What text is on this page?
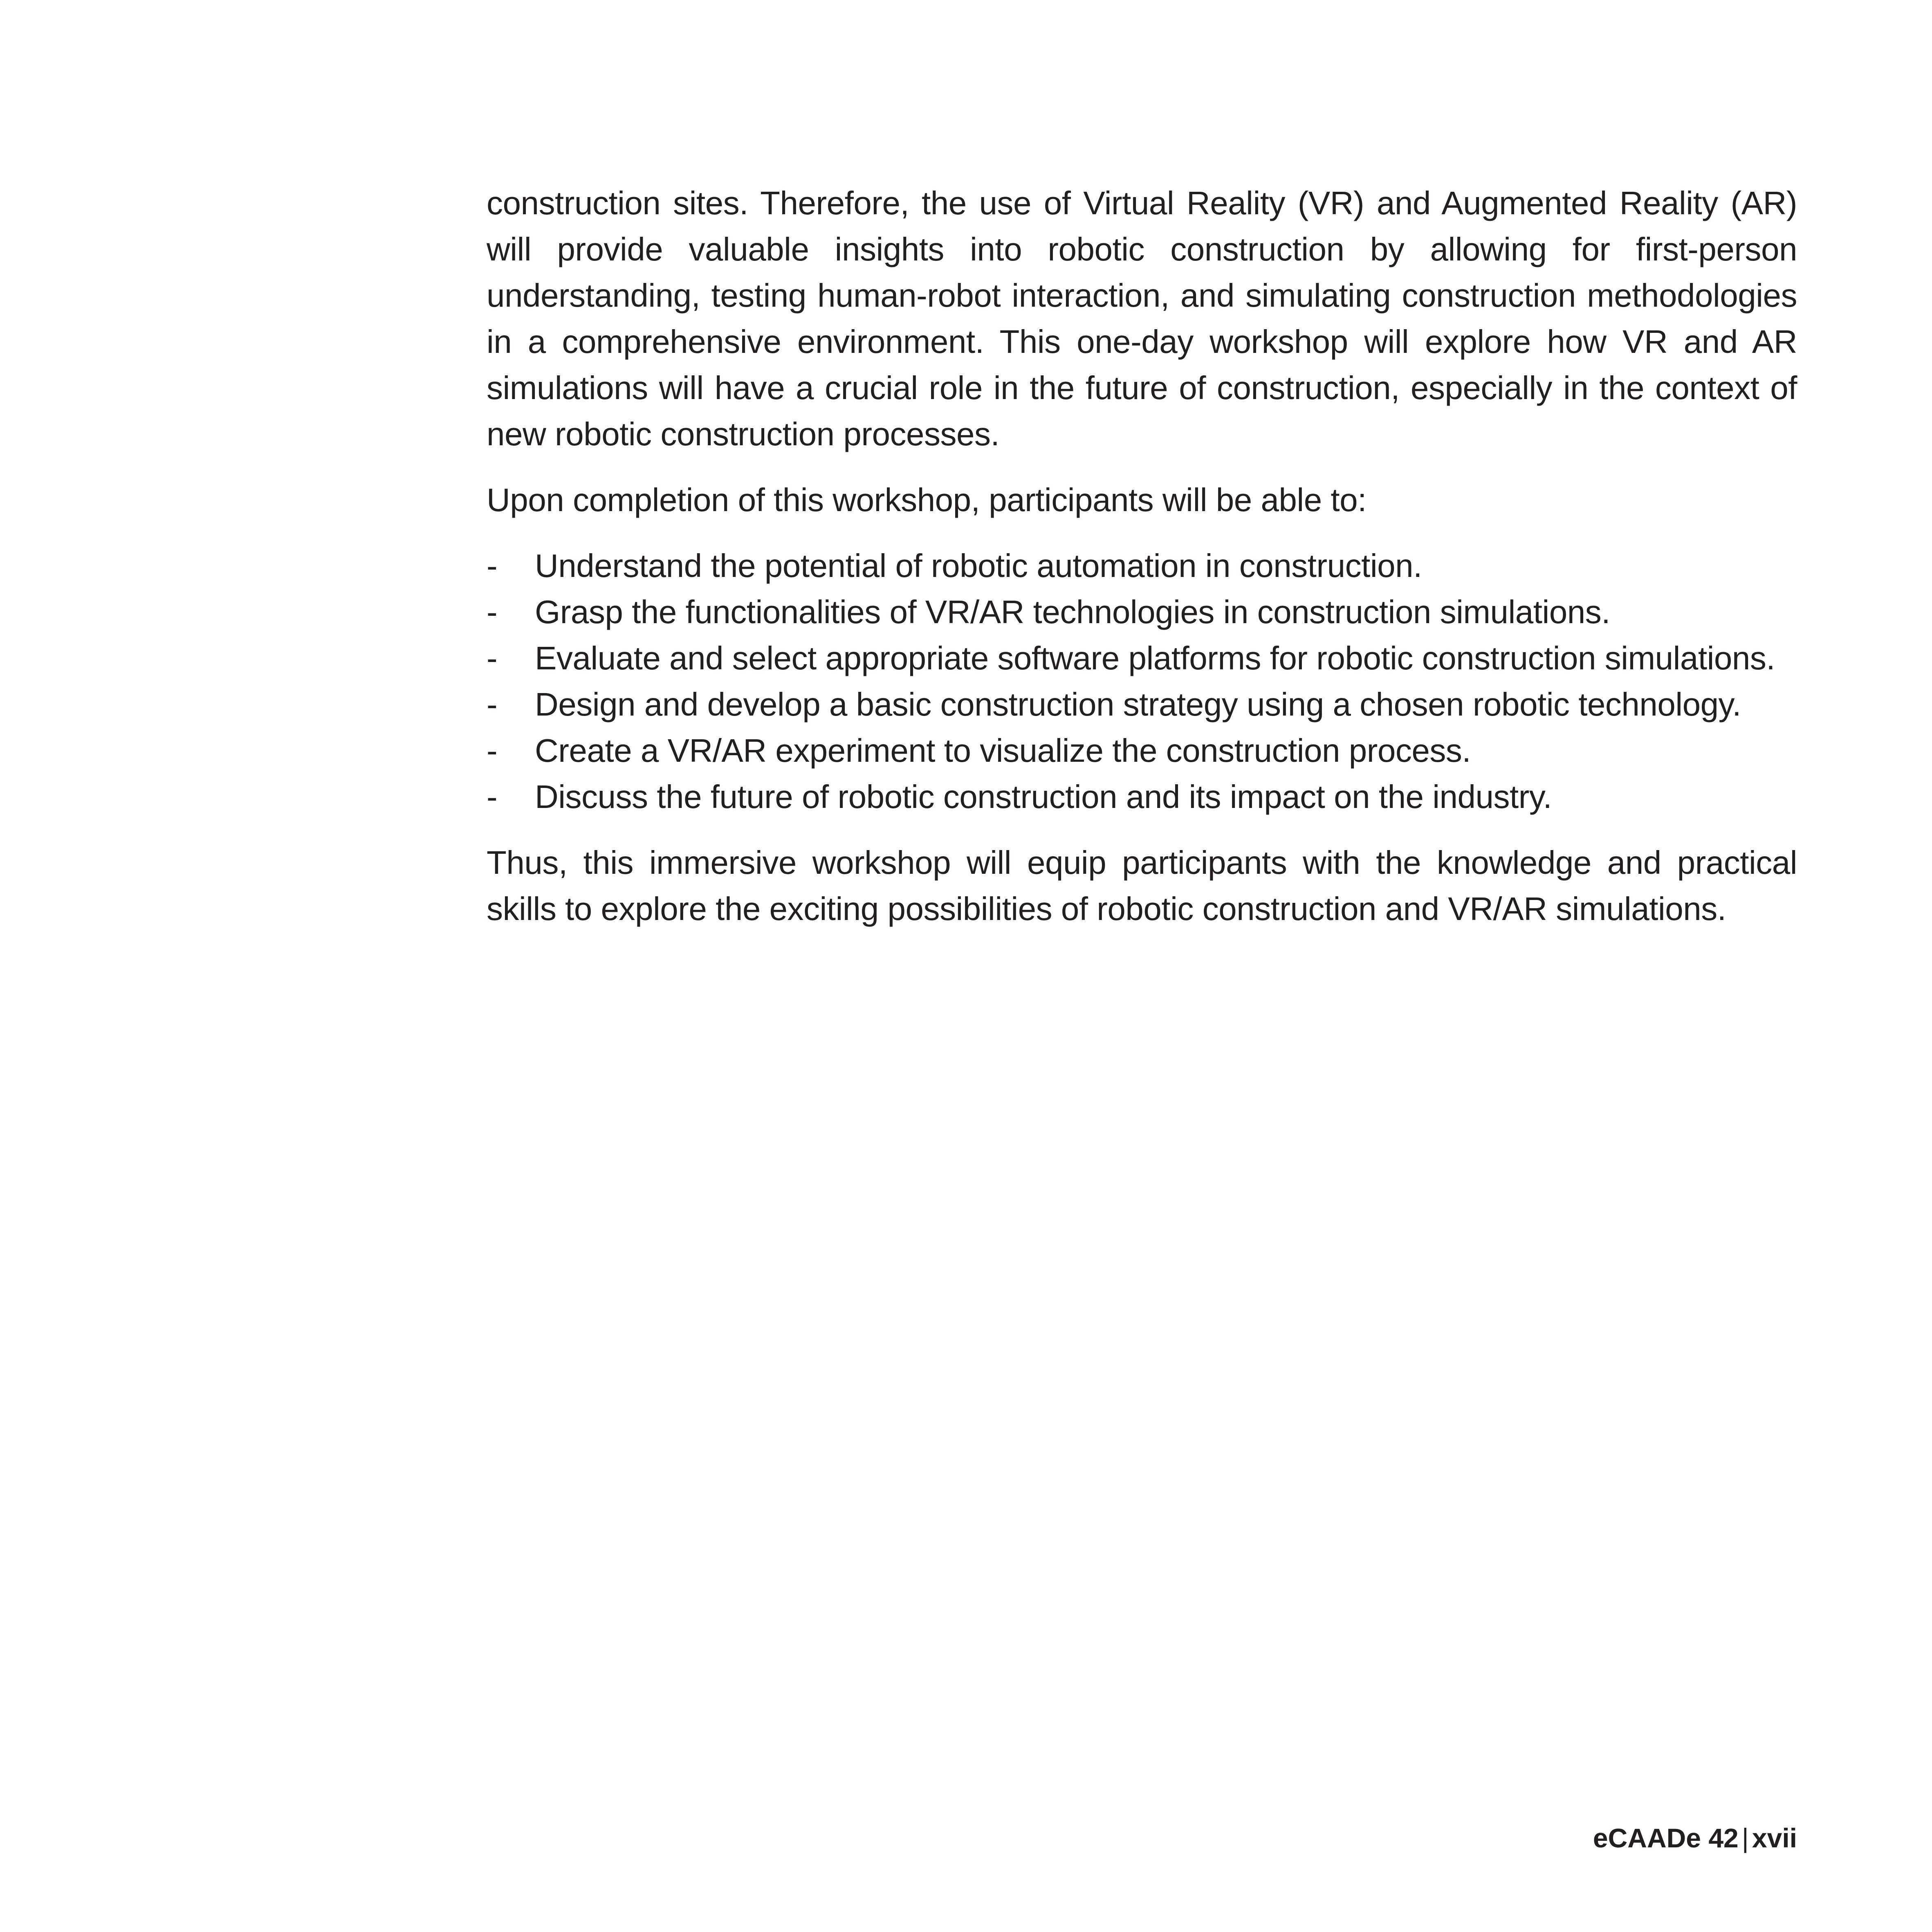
construction sites. Therefore, the use of Virtual Reality (VR) and Augmented Reality (AR) will provide valuable insights into robotic construction by allowing for first-person understanding, testing human-robot interaction, and simulating construction methodologies in a comprehensive environment. This one-day workshop will explore how VR and AR simulations will have a crucial role in the future of construction, especially in the context of new robotic construction processes.

Upon completion of this workshop, participants will be able to:

- Understand the potential of robotic automation in construction.
- Grasp the functionalities of VR/AR technologies in construction simulations.
- Evaluate and select appropriate software platforms for robotic construction simulations.
- Design and develop a basic construction strategy using a chosen robotic technology.
- Create a VR/AR experiment to visualize the construction process.
- Discuss the future of robotic construction and its impact on the industry.

Thus, this immersive workshop will equip participants with the knowledge and practical skills to explore the exciting possibilities of robotic construction and VR/AR simulations.

eCAADe 42 | xvii
